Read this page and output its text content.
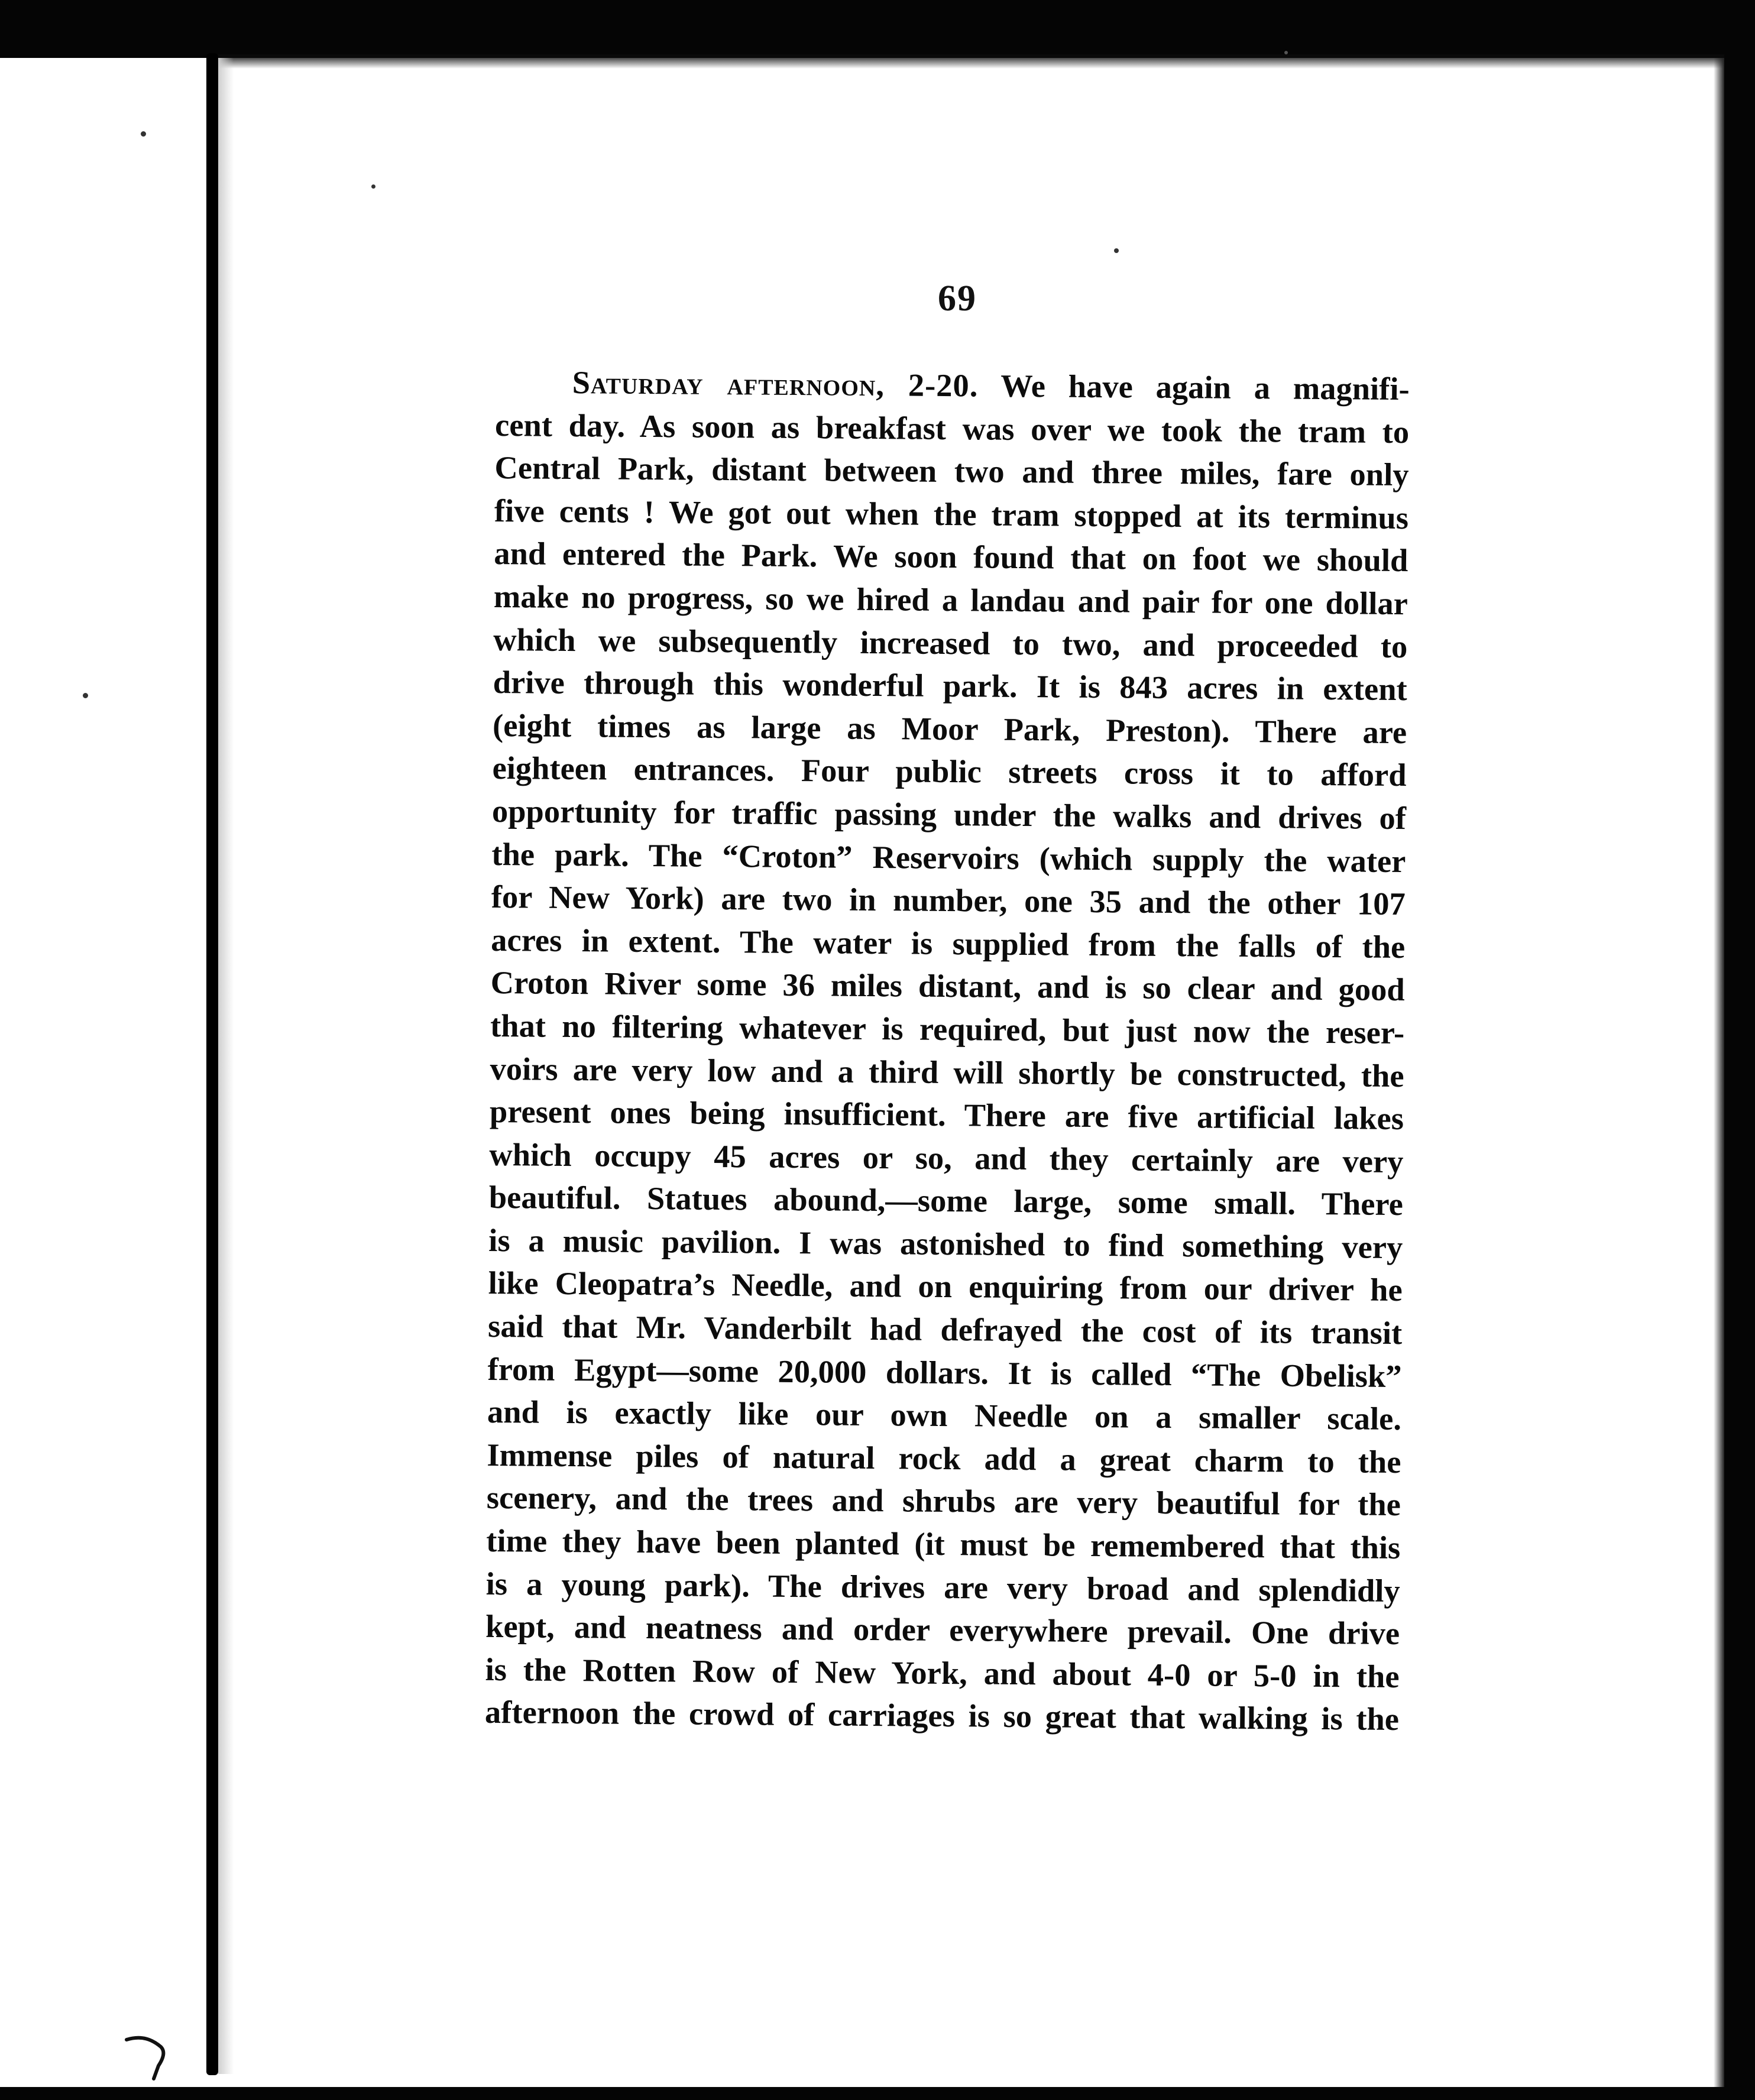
69
Saturday afternoon, 2-20. We have again a magnifi-
cent day. As soon as breakfast was over we took the tram to
Central Park, distant between two and three miles, fare only
five cents ! We got out when the tram stopped at its terminus
and entered the Park. We soon found that on foot we should
make no progress, so we hired a landau and pair for one dollar
which we subsequently increased to two, and proceeded to
drive through this wonderful park. It is 843 acres in extent
(eight times as large as Moor Park, Preston). There are
eighteen entrances. Four public streets cross it to afford
opportunity for traffic passing under the walks and drives of
the park. The “Croton” Reservoirs (which supply the water
for New York) are two in number, one 35 and the other 107
acres in extent. The water is supplied from the falls of the
Croton River some 36 miles distant, and is so clear and good
that no filtering whatever is required, but just now the reser-
voirs are very low and a third will shortly be constructed, the
present ones being insufficient. There are five artificial lakes
which occupy 45 acres or so, and they certainly are very
beautiful. Statues abound,—some large, some small. There
is a music pavilion. I was astonished to find something very
like Cleopatra’s Needle, and on enquiring from our driver he
said that Mr. Vanderbilt had defrayed the cost of its transit
from Egypt—some 20,000 dollars. It is called “The Obelisk”
and is exactly like our own Needle on a smaller scale.
Immense piles of natural rock add a great charm to the
scenery, and the trees and shrubs are very beautiful for the
time they have been planted (it must be remembered that this
is a young park). The drives are very broad and splendidly
kept, and neatness and order everywhere prevail. One drive
is the Rotten Row of New York, and about 4-0 or 5-0 in the
afternoon the crowd of carriages is so great that walking is the
